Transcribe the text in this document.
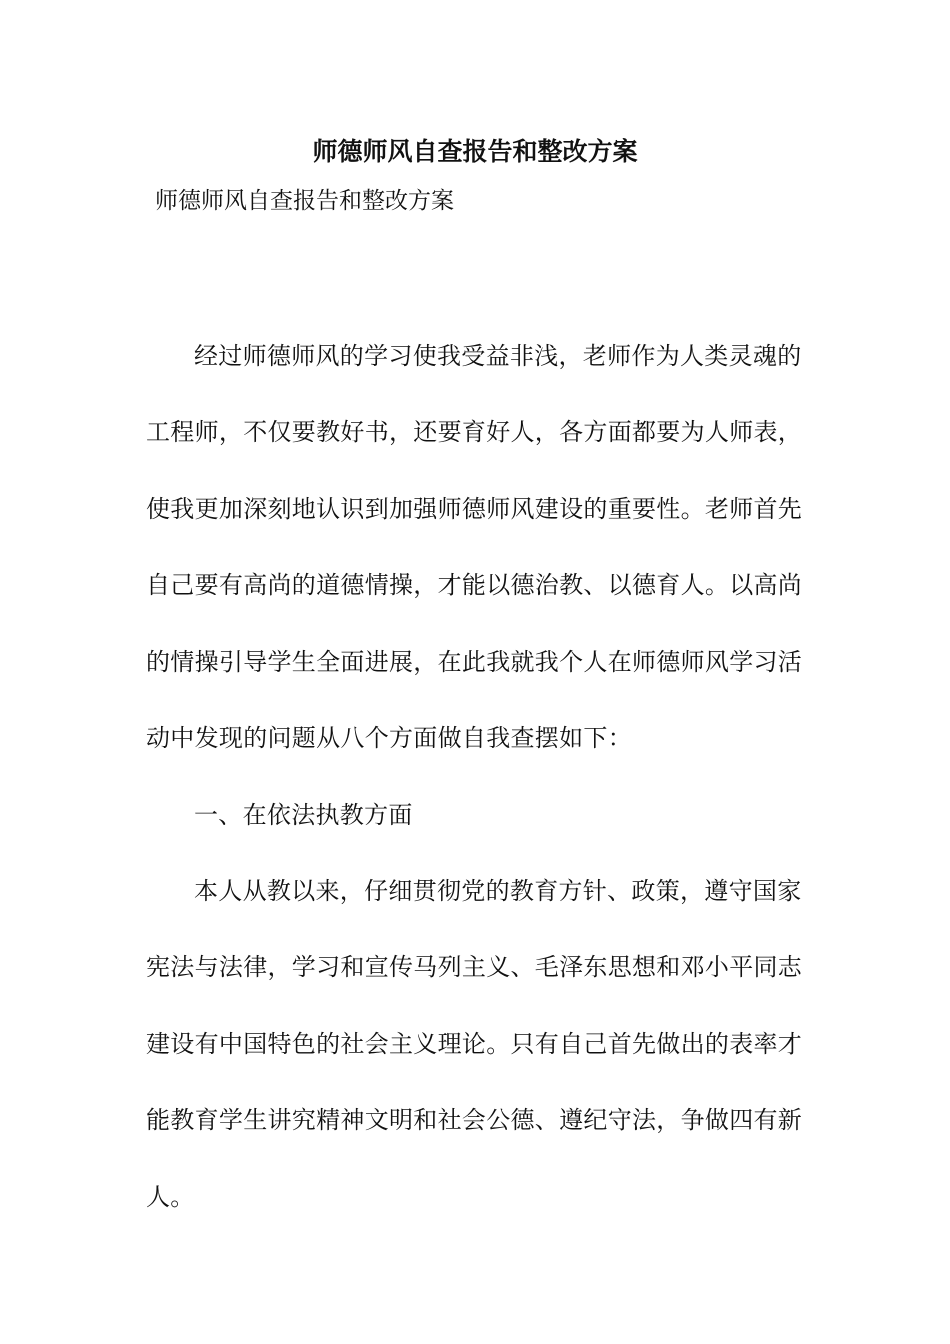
师德师风自查报告和整改方案

师德师风自查报告和整改方案

经过师德师风的学习使我受益非浅，老师作为人类灵魂的工程师，不仅要教好书，还要育好人，各方面都要为人师表，使我更加深刻地认识到加强师德师风建设的重要性。老师首先自己要有高尚的道德情操，才能以德治教、以德育人。以高尚的情操引导学生全面进展，在此我就我个人在师德师风学习活动中发现的问题从八个方面做自我查摆如下：

一、在依法执教方面

本人从教以来，仔细贯彻党的教育方针、政策，遵守国家宪法与法律，学习和宣传马列主义、毛泽东思想和邓小平同志建设有中国特色的社会主义理论。只有自己首先做出的表率才能教育学生讲究精神文明和社会公德、遵纪守法，争做四有新人。
